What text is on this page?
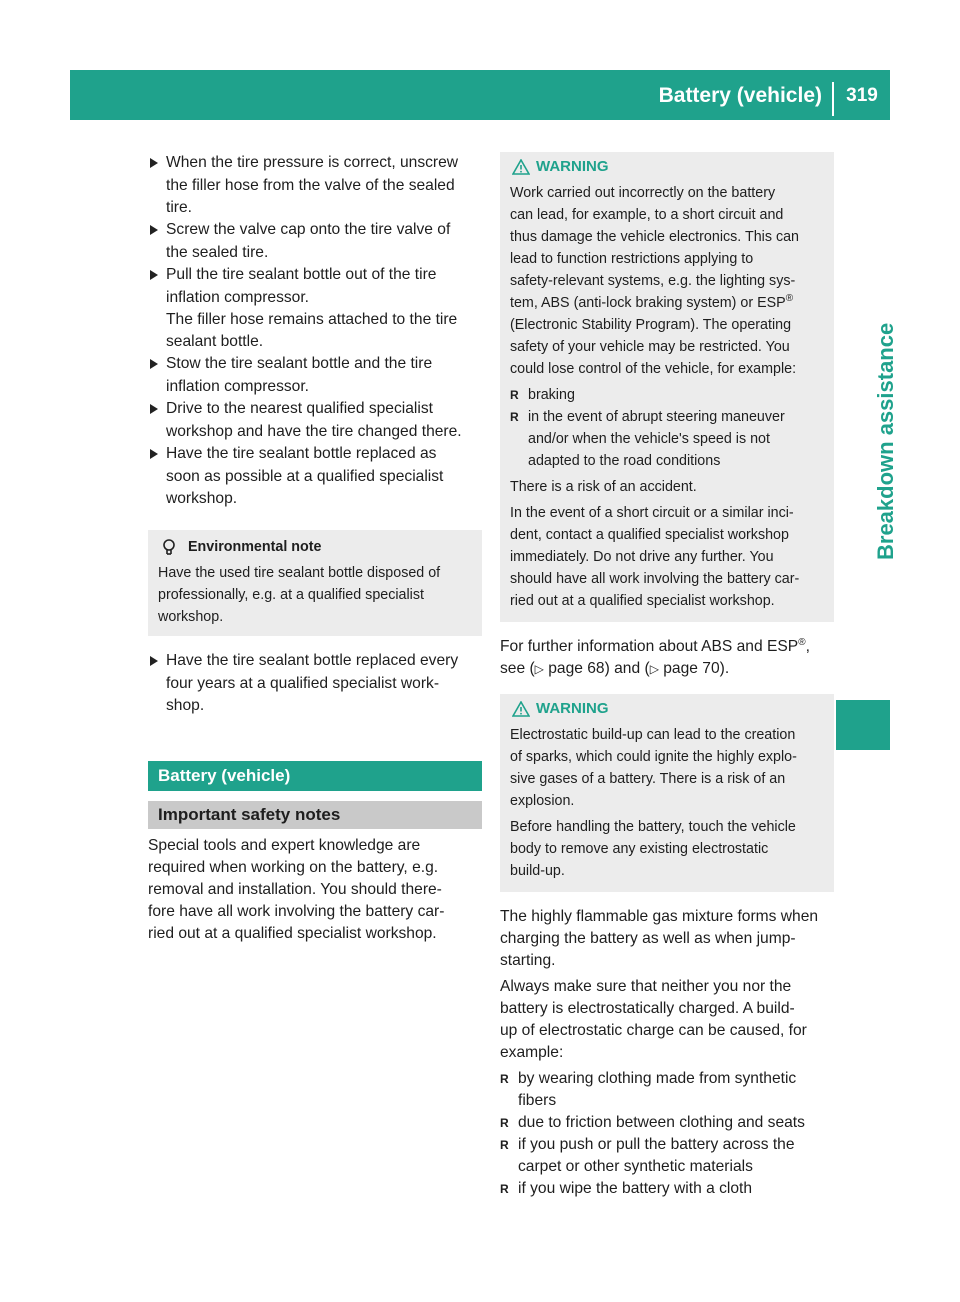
Battery (vehicle)	319
Breakdown assistance
When the tire pressure is correct, unscrew
the filler hose from the valve of the sealed
tire.
Screw the valve cap onto the tire valve of
the sealed tire.
Pull the tire sealant bottle out of the tire
inflation compressor.
The filler hose remains attached to the tire
sealant bottle.
Stow the tire sealant bottle and the tire
inflation compressor.
Drive to the nearest qualified specialist
workshop and have the tire changed there.
Have the tire sealant bottle replaced as
soon as possible at a qualified specialist
workshop.
Environmental note
Have the used tire sealant bottle disposed of
professionally, e.g. at a qualified specialist
workshop.
Have the tire sealant bottle replaced every
four years at a qualified specialist work-
shop.
Battery (vehicle)
Important safety notes
Special tools and expert knowledge are
required when working on the battery, e.g.
removal and installation. You should there-
fore have all work involving the battery car-
ried out at a qualified specialist workshop.
WARNING
Work carried out incorrectly on the battery
can lead, for example, to a short circuit and
thus damage the vehicle electronics. This can
lead to function restrictions applying to
safety-relevant systems, e.g. the lighting sys-
tem, ABS (anti-lock braking system) or ESP®
(Electronic Stability Program). The operating
safety of your vehicle may be restricted. You
could lose control of the vehicle, for example:
R braking
R in the event of abrupt steering maneuver
and/or when the vehicle's speed is not
adapted to the road conditions
There is a risk of an accident.
In the event of a short circuit or a similar inci-
dent, contact a qualified specialist workshop
immediately. Do not drive any further. You
should have all work involving the battery car-
ried out at a qualified specialist workshop.
For further information about ABS and ESP®,
see (▷ page 68) and (▷ page 70).
WARNING
Electrostatic build-up can lead to the creation
of sparks, which could ignite the highly explo-
sive gases of a battery. There is a risk of an
explosion.
Before handling the battery, touch the vehicle
body to remove any existing electrostatic
build-up.
The highly flammable gas mixture forms when
charging the battery as well as when jump-
starting.
Always make sure that neither you nor the
battery is electrostatically charged. A build-
up of electrostatic charge can be caused, for
example:
R by wearing clothing made from synthetic
fibers
R due to friction between clothing and seats
R if you push or pull the battery across the
carpet or other synthetic materials
R if you wipe the battery with a cloth
